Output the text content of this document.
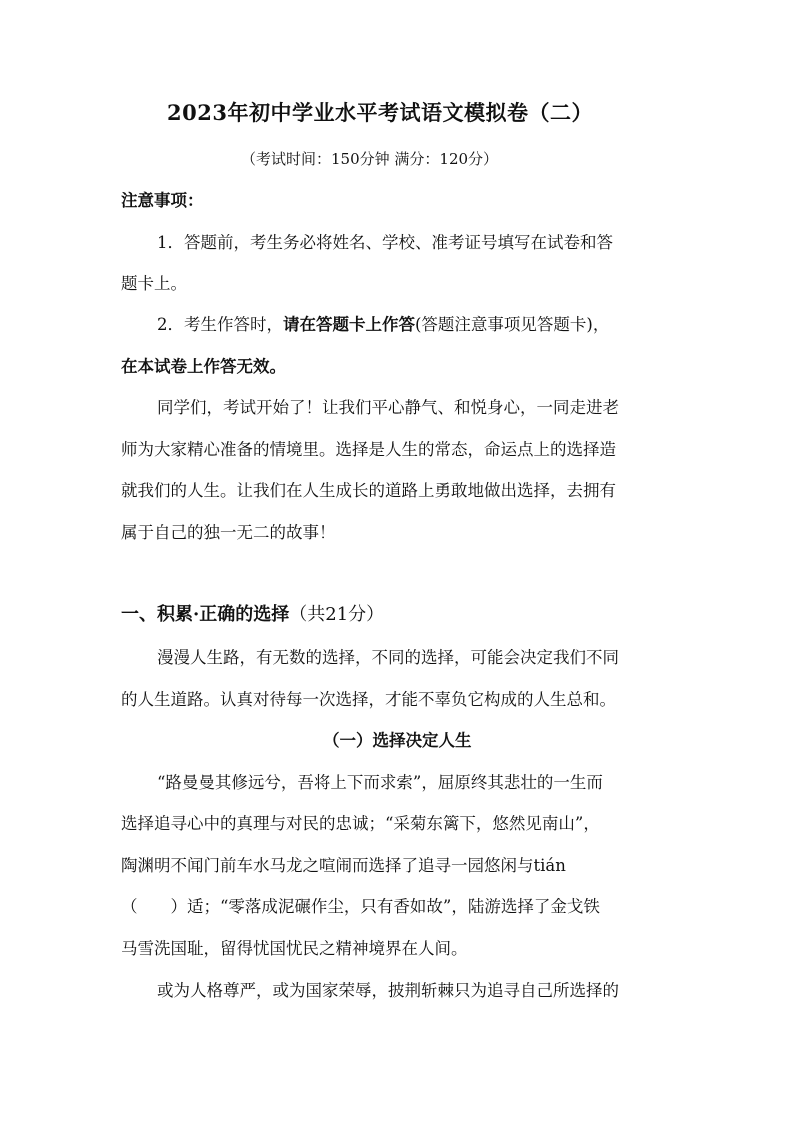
2023年初中学业水平考试语文模拟卷（二）
（考试时间：150分钟 满分：120分）
注意事项：
1．答题前，考生务必将姓名、学校、准考证号填写在试卷和答
题卡上。
2．考生作答时，请在答题卡上作答(答题注意事项见答题卡)，
在本试卷上作答无效。
同学们，考试开始了！让我们平心静气、和悦身心，一同走进老
师为大家精心准备的情境里。选择是人生的常态，命运点上的选择造
就我们的人生。让我们在人生成长的道路上勇敢地做出选择，去拥有
属于自己的独一无二的故事！
一、积累·正确的选择（共21分）
漫漫人生路，有无数的选择，不同的选择，可能会决定我们不同
的人生道路。认真对待每一次选择，才能不辜负它构成的人生总和。
（一）选择决定人生
“路曼曼其修远兮，吾将上下而求索”，屈原终其悲壮的一生而
选择追寻心中的真理与对民的忠诚；“采菊东篱下，悠然见南山”，
陶渊明不闻门前车水马龙之喧闹而选择了追寻一园悠闲与tián
（　　）适；“零落成泥碾作尘，只有香如故”，陆游选择了金戈铁
马雪洗国耻，留得忧国忧民之精神境界在人间。
或为人格尊严，或为国家荣辱，披荆斩棘只为追寻自己所选择的
